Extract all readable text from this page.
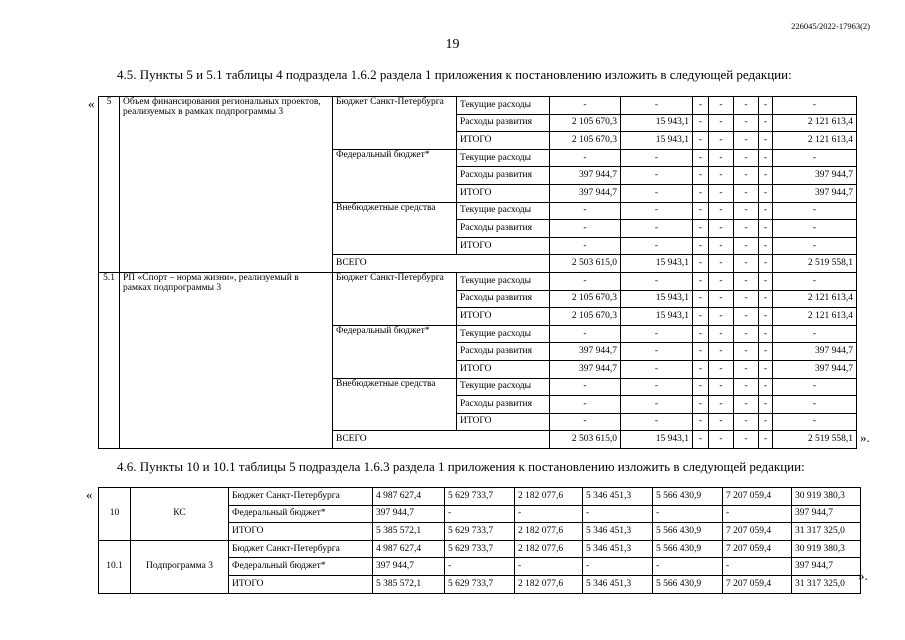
226045/2022-17963(2)
19
4.5. Пункты 5 и 5.1 таблицы 4 подраздела 1.6.2 раздела 1 приложения к постановлению изложить в следующей редакции:
« 5	Объем финансирования региональных проектов, реализуемых в рамках подпрограммы 3	Бюджет Санкт-Петербурга	Текущие расходы	-	-	-	-	-	-	-
			Расходы развития	2 105 670,3	15 943,1	-	-	-	-	2 121 613,4
			ИТОГО	2 105 670,3	15 943,1	-	-	-	-	2 121 613,4
		Федеральный бюджет*	Текущие расходы	-	-	-	-	-	-	-
			Расходы развития	397 944,7	-	-	-	-	-	397 944,7
			ИТОГО	397 944,7	-	-	-	-	-	397 944,7
		Внебюджетные средства	Текущие расходы	-	-	-	-	-	-	-
			Расходы развития	-	-	-	-	-	-	-
			ИТОГО	-	-	-	-	-	-	-
		ВСЕГО		2 503 615,0	15 943,1	-	-	-	-	2 519 558,1
5.1	РП «Спорт – норма жизни», реализуемый в рамках подпрограммы 3	Бюджет Санкт-Петербурга	Текущие расходы	-	-	-	-	-	-	-
			Расходы развития	2 105 670,3	15 943,1	-	-	-	-	2 121 613,4
			ИТОГО	2 105 670,3	15 943,1	-	-	-	-	2 121 613,4
		Федеральный бюджет*	Текущие расходы	-	-	-	-	-	-	-
			Расходы развития	397 944,7	-	-	-	-	-	397 944,7
			ИТОГО	397 944,7	-	-	-	-	-	397 944,7
		Внебюджетные средства	Текущие расходы	-	-	-	-	-	-	-
			Расходы развития	-	-	-	-	-	-	-
			ИТОГО	-	-	-	-	-	-	-
		ВСЕГО		2 503 615,0	15 943,1	-	-	-	-	2 519 558,1 ».
4.6. Пункты 10 и 10.1 таблицы 5 подраздела 1.6.3 раздела 1 приложения к постановлению изложить в следующей редакции:
«
10	КС	Бюджет Санкт-Петербурга	4 987 627,4	5 629 733,7	2 182 077,6	5 346 451,3	5 566 430,9	7 207 059,4	30 919 380,3
		Федеральный бюджет*	397 944,7	-	-	-	-	-	397 944,7
		ИТОГО	5 385 572,1	5 629 733,7	2 182 077,6	5 346 451,3	5 566 430,9	7 207 059,4	31 317 325,0
10.1	Подпрограмма 3	Бюджет Санкт-Петербурга	4 987 627,4	5 629 733,7	2 182 077,6	5 346 451,3	5 566 430,9	7 207 059,4	30 919 380,3
		Федеральный бюджет*	397 944,7	-	-	-	-	-	397 944,7
		ИТОГО	5 385 572,1	5 629 733,7	2 182 077,6	5 346 451,3	5 566 430,9	7 207 059,4	31 317 325,0
».
